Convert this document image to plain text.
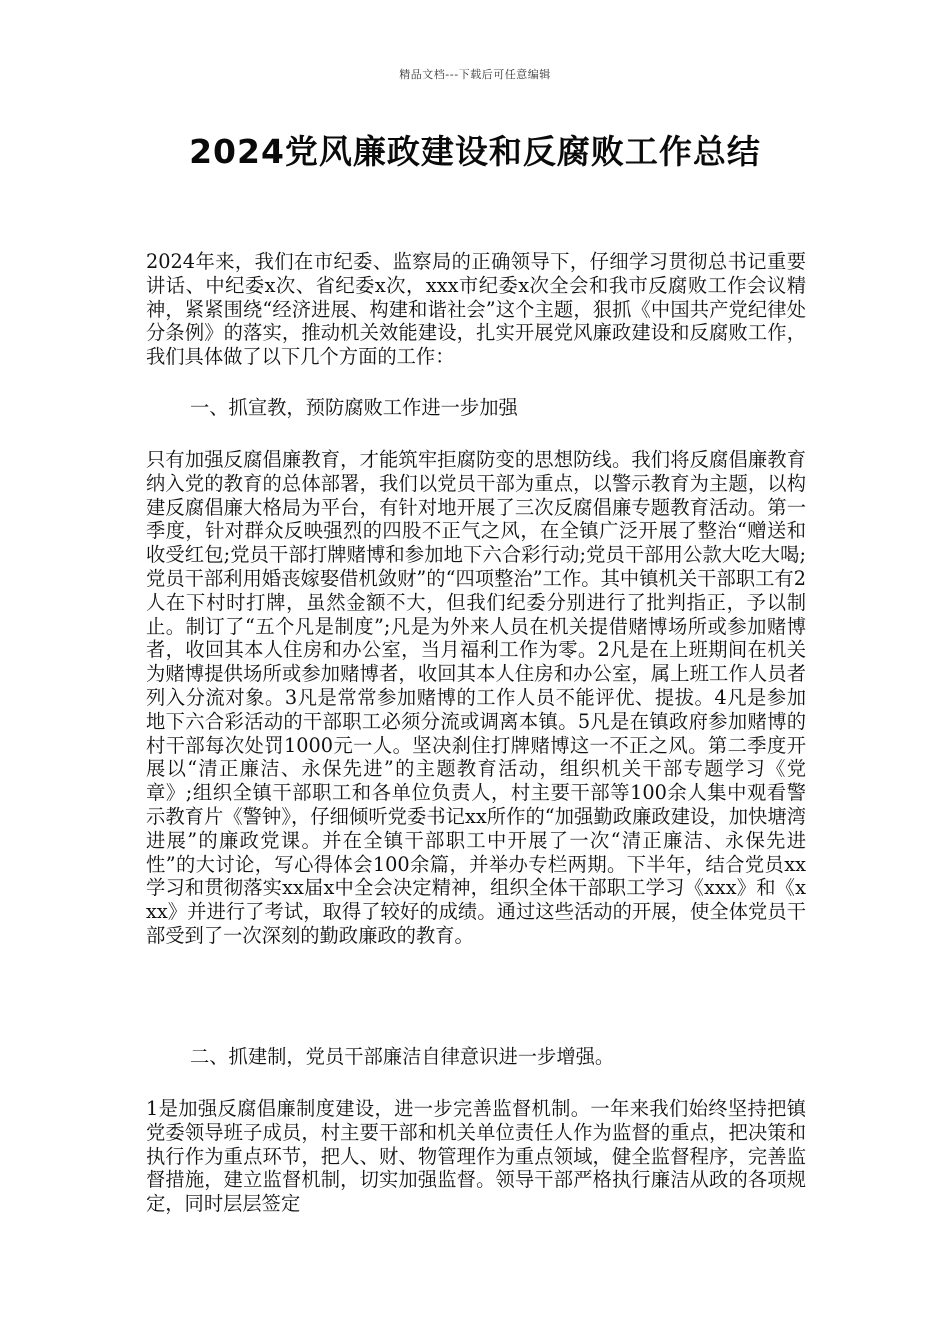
精品文档---下载后可任意编辑
2024党风廉政建设和反腐败工作总结
2024年来，我们在市纪委、监察局的正确领导下，仔细学习贯彻总书记重要讲话、中纪委x次、省纪委x次，xxx市纪委x次全会和我市反腐败工作会议精神，紧紧围绕“经济进展、构建和谐社会”这个主题，狠抓《中国共产党纪律处分条例》的落实，推动机关效能建设，扎实开展党风廉政建设和反腐败工作，我们具体做了以下几个方面的工作：
一、抓宣教，预防腐败工作进一步加强
只有加强反腐倡廉教育，才能筑牢拒腐防变的思想防线。我们将反腐倡廉教育纳入党的教育的总体部署，我们以党员干部为重点，以警示教育为主题，以构建反腐倡廉大格局为平台，有针对地开展了三次反腐倡廉专题教育活动。第一季度，针对群众反映强烈的四股不正气之风，在全镇广泛开展了整治“赠送和收受红包;党员干部打牌赌博和参加地下六合彩行动;党员干部用公款大吃大喝;党员干部利用婚丧嫁娶借机敛财”的“四项整治”工作。其中镇机关干部职工有2人在下村时打牌，虽然金额不大，但我们纪委分别进行了批判指正，予以制止。制订了“五个凡是制度”;凡是为外来人员在机关提借赌博场所或参加赌博者，收回其本人住房和办公室，当月福利工作为零。2凡是在上班期间在机关为赌博提供场所或参加赌博者，收回其本人住房和办公室，属上班工作人员者列入分流对象。3凡是常常参加赌博的工作人员不能评优、提拔。4凡是参加地下六合彩活动的干部职工必须分流或调离本镇。5凡是在镇政府参加赌博的村干部每次处罚1000元一人。坚决刹住打牌赌博这一不正之风。第二季度开展以“清正廉洁、永保先进”的主题教育活动，组织机关干部专题学习《党章》;组织全镇干部职工和各单位负责人，村主要干部等100余人集中观看警示教育片《警钟》，仔细倾听党委书记xx所作的“加强勤政廉政建设，加快塘湾进展”的廉政党课。并在全镇干部职工中开展了一次“清正廉洁、永保先进性”的大讨论，写心得体会100余篇，并举办专栏两期。下半年，结合党员xx学习和贯彻落实xx届x中全会决定精神，组织全体干部职工学习《xxx》和《xxx》并进行了考试，取得了较好的成绩。通过这些活动的开展，使全体党员干部受到了一次深刻的勤政廉政的教育。
二、抓建制，党员干部廉洁自律意识进一步增强。
1是加强反腐倡廉制度建设，进一步完善监督机制。一年来我们始终坚持把镇党委领导班子成员，村主要干部和机关单位责任人作为监督的重点，把决策和执行作为重点环节，把人、财、物管理作为重点领域，健全监督程序，完善监督措施，建立监督机制，切实加强监督。领导干部严格执行廉洁从政的各项规定，同时层层签定
